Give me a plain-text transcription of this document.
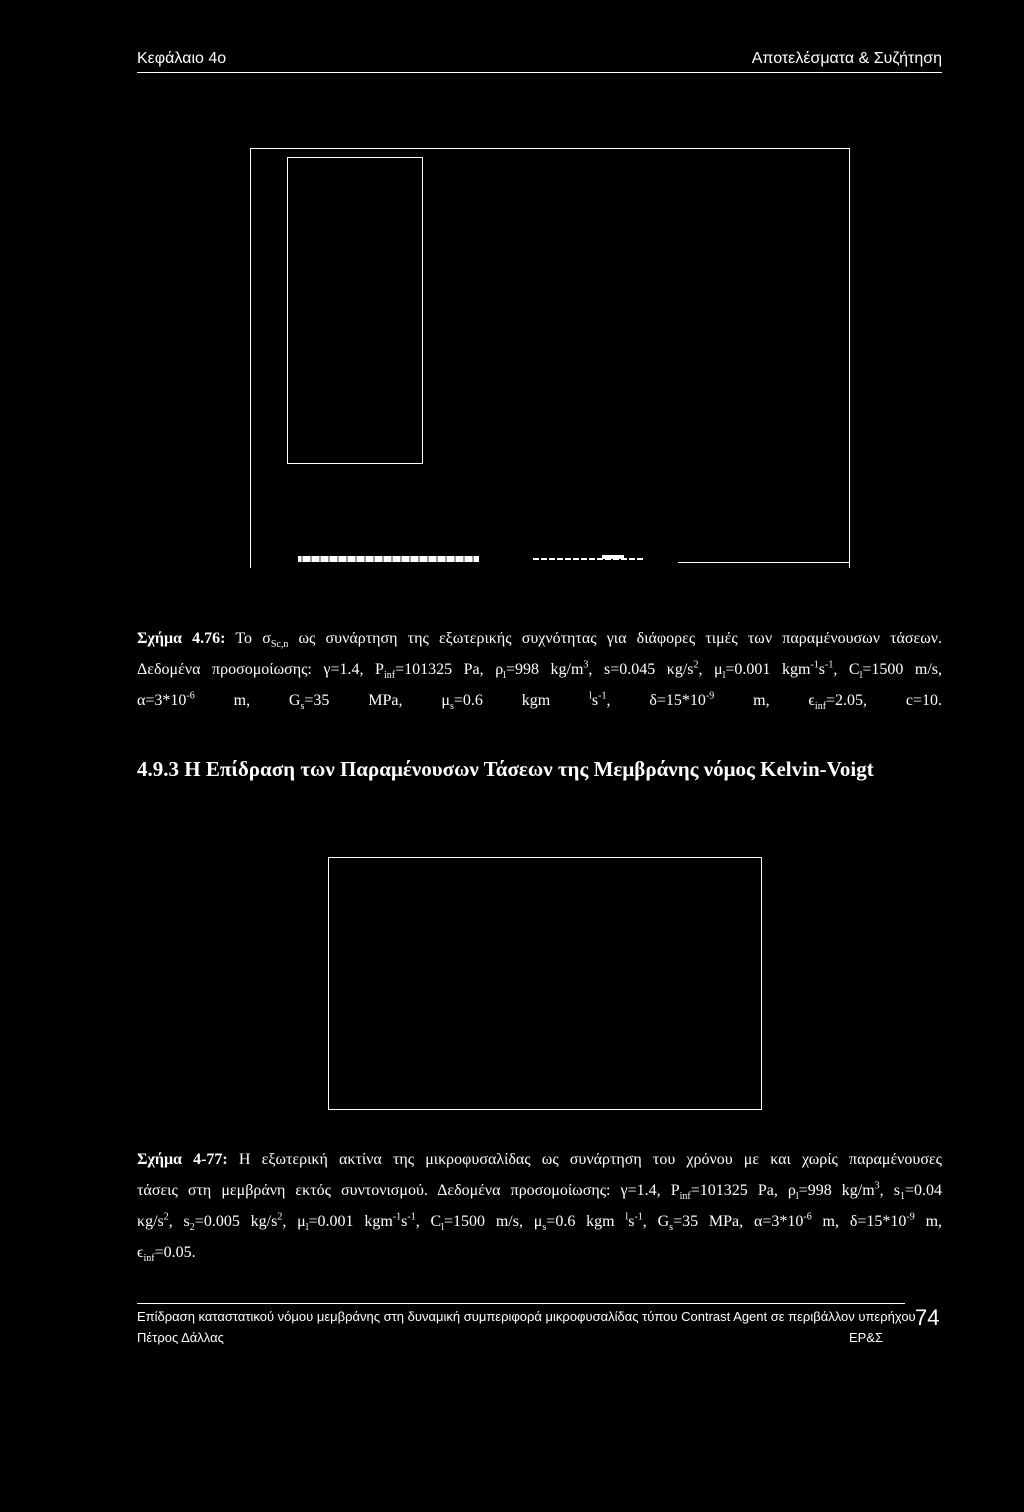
Κεφάλαιο 4ο	Αποτελέσματα & Συζήτηση
Σχήμα 4.76: Το $\sigma_{Sc,n}$ ως συνάρτηση της εξωτερικής συχνότητας για διάφορες τιμές των παραμένουσων τάσεων.
Δεδομένα προσομοίωσης: γ=1.4, $P_{inf}=101325$ Pa, $\rho_l=998$ $kg/m^3$, s=0.045 $\kappa g/s^2$, $\mu_l=0.001$ $kgm^{-1}s^{-1}$, $C_l=1500$ m/s,
$\alpha=3*10^{-6}$ m, $G_s=35$ MPa, $\mu_s=0.6$ kgm $^ls^{-1}$, $\delta=15*10^{-9}$ m, $\epsilon_{inf}=2.05$, c=10.
4.9.3 Η Επίδραση των Παραμένουσων Τάσεων της Μεμβράνης νόμος Kelvin-Voigt
Σχήμα 4-77: Η εξωτερική ακτίνα της μικροφυσαλίδας ως συνάρτηση του χρόνου με και χωρίς παραμένουσες
τάσεις στη μεμβράνη εκτός συντονισμού. Δεδομένα προσομοίωσης: γ=1.4, $P_{inf}=101325$ Pa, $\rho_l=998$ $kg/m^3$, $s_1=0.04$
$\kappa g/s^2$, $s_2=0.005$ $kg/s^2$, $\mu_l=0.001$ $kgm^{-1}s^{-1}$, $C_l=1500$ m/s, $\mu_s=0.6$ kgm $^ls^{-1}$, $G_s=35$ MPa, $\alpha=3*10^{-6}$ m, $\delta=15*10^{-9}$ m,
$\epsilon_{inf}=0.05$.
Επίδραση καταστατικού νόμου μεμβράνης στη δυναμική συμπεριφορά μικροφυσαλίδας τύπου Contrast Agent σε περιβάλλον υπερήχου
Πέτρος Δάλλας	ΕΡ&Σ
74
